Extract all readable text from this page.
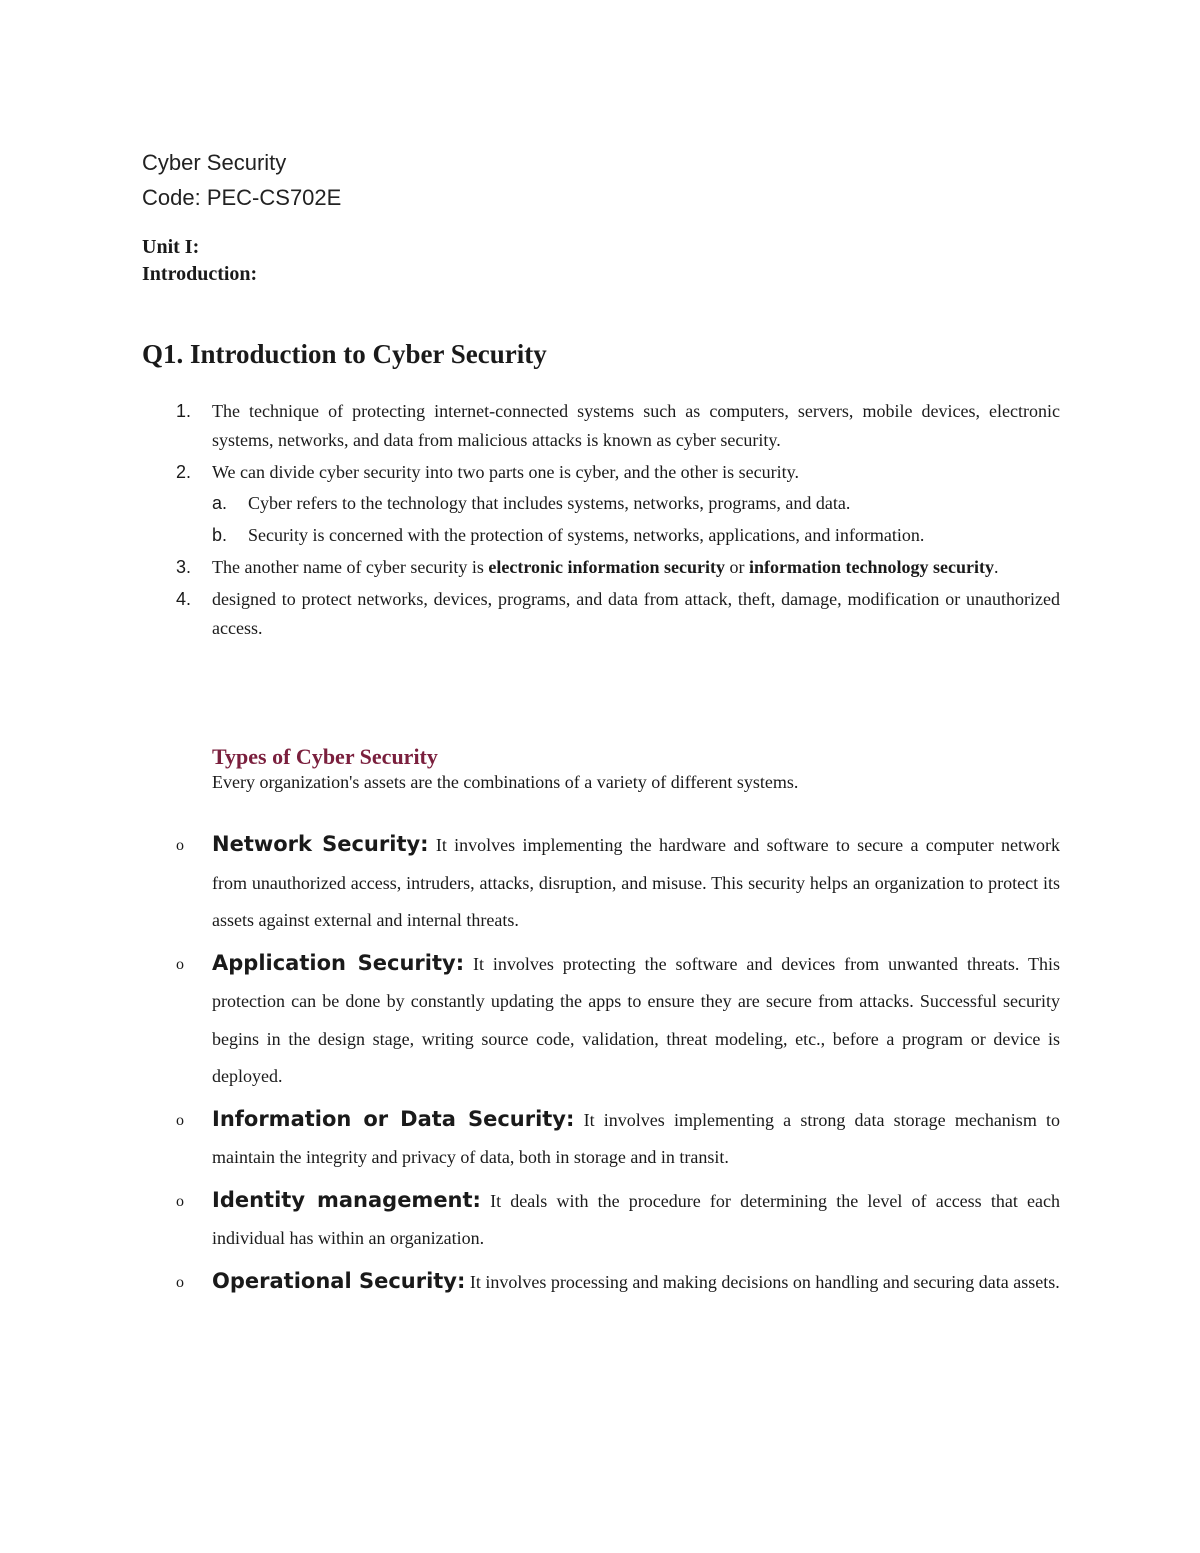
Cyber Security
Code: PEC-CS702E
Unit I:
Introduction:
Q1. Introduction to Cyber Security
1. The technique of protecting internet-connected systems such as computers, servers, mobile devices, electronic systems, networks, and data from malicious attacks is known as cyber security.
2. We can divide cyber security into two parts one is cyber, and the other is security.
a. Cyber refers to the technology that includes systems, networks, programs, and data.
b. Security is concerned with the protection of systems, networks, applications, and information.
3. The another name of cyber security is electronic information security or information technology security.
4. designed to protect networks, devices, programs, and data from attack, theft, damage, modification or unauthorized access.
Types of Cyber Security
Every organization's assets are the combinations of a variety of different systems.
o Network Security: It involves implementing the hardware and software to secure a computer network from unauthorized access, intruders, attacks, disruption, and misuse. This security helps an organization to protect its assets against external and internal threats.
o Application Security: It involves protecting the software and devices from unwanted threats. This protection can be done by constantly updating the apps to ensure they are secure from attacks. Successful security begins in the design stage, writing source code, validation, threat modeling, etc., before a program or device is deployed.
o Information or Data Security: It involves implementing a strong data storage mechanism to maintain the integrity and privacy of data, both in storage and in transit.
o Identity management: It deals with the procedure for determining the level of access that each individual has within an organization.
o Operational Security: It involves processing and making decisions on handling and securing data assets.
